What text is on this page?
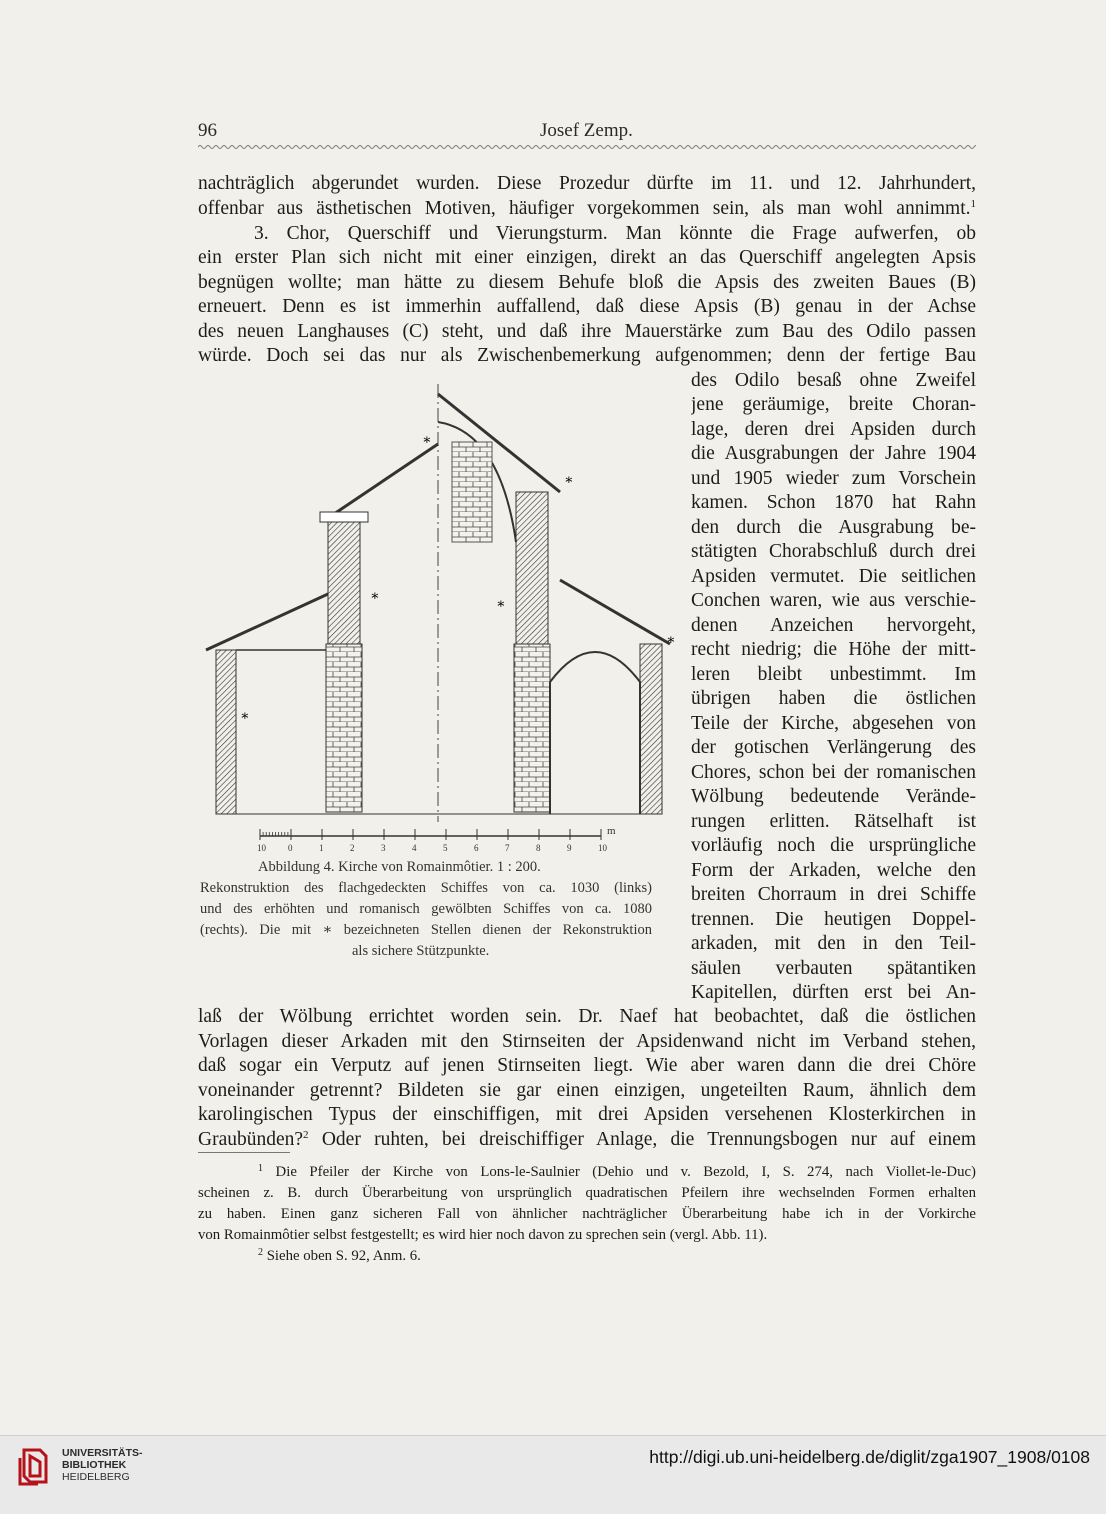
96	Josef Zemp.
nachträglich abgerundet wurden. Diese Prozedur dürfte im 11. und 12. Jahrhundert,
offenbar aus ästhetischen Motiven, häufiger vorgekommen sein, als man wohl annimmt.$^1$
3. Chor, Querschiff und Vierungsturm. Man könnte die Frage aufwerfen, ob
ein erster Plan sich nicht mit einer einzigen, direkt an das Querschiff angelegten Apsis
begnügen wollte; man hätte zu diesem Behufe bloß die Apsis des zweiten Baues (B)
erneuert. Denn es ist immerhin auffallend, daß diese Apsis (B) genau in der Achse
des neuen Langhauses (C) steht, und daß ihre Mauerstärke zum Bau des Odilo passen
würde. Doch sei das nur als Zwischenbemerkung aufgenommen; denn der fertige Bau
des Odilo besaß ohne Zweifel
jene geräumige, breite Choran-
lage, deren drei Apsiden durch
die Ausgrabungen der Jahre 1904
und 1905 wieder zum Vorschein
kamen. Schon 1870 hat Rahn
den durch die Ausgrabung be-
stätigten Chorabschluß durch drei
Apsiden vermutet. Die seitlichen
Conchen waren, wie aus verschie-
denen Anzeichen hervorgeht,
recht niedrig; die Höhe der mitt-
leren bleibt unbestimmt. Im
übrigen haben die östlichen
Teile der Kirche, abgesehen von
der gotischen Verlängerung des
Chores, schon bei der romanischen
Wölbung bedeutende Verände-
rungen erlitten. Rätselhaft ist
vorläufig noch die ursprüngliche
Form der Arkaden, welche den
breiten Chorraum in drei Schiffe
trennen. Die heutigen Doppel-
arkaden, mit den in den Teil-
säulen verbauten spätantiken
Kapitellen, dürften erst bei An-
∗
∗
∗
∗
∗
∗
10 0	1	2	3	4	5	6	7	8	9	10
m
Abbildung 4. Kirche von Romainmôtier. 1 : 200.
Rekonstruktion des flachgedeckten Schiffes von ca. 1030 (links)
und des erhöhten und romanisch gewölbten Schiffes von ca. 1080
(rechts). Die mit ∗ bezeichneten Stellen dienen der Rekonstruktion
als sichere Stützpunkte.
laß der Wölbung errichtet worden sein. Dr. Naef hat beobachtet, daß die östlichen
Vorlagen dieser Arkaden mit den Stirnseiten der Apsidenwand nicht im Verband stehen,
daß sogar ein Verputz auf jenen Stirnseiten liegt. Wie aber waren dann die drei Chöre
voneinander getrennt? Bildeten sie gar einen einzigen, ungeteilten Raum, ähnlich dem
karolingischen Typus der einschiffigen, mit drei Apsiden versehenen Klosterkirchen in
Graubünden?$^2$ Oder ruhten, bei dreischiffiger Anlage, die Trennungsbogen nur auf einem
$^1$ Die Pfeiler der Kirche von Lons-le-Saulnier (Dehio und v. Bezold, I, S. 274, nach Viollet-le-Duc)
scheinen z. B. durch Überarbeitung von ursprünglich quadratischen Pfeilern ihre wechselnden Formen erhalten
zu haben. Einen ganz sicheren Fall von ähnlicher nachträglicher Überarbeitung habe ich in der Vorkirche
von Romainmôtier selbst festgestellt; es wird hier noch davon zu sprechen sein (vergl. Abb. 11).
$^2$ Siehe oben S. 92, Anm. 6.
UNIVERSITÄTS-
BIBLIOTHEK
HEIDELBERG
http://digi.ub.uni-heidelberg.de/diglit/zga1907_1908/0108
